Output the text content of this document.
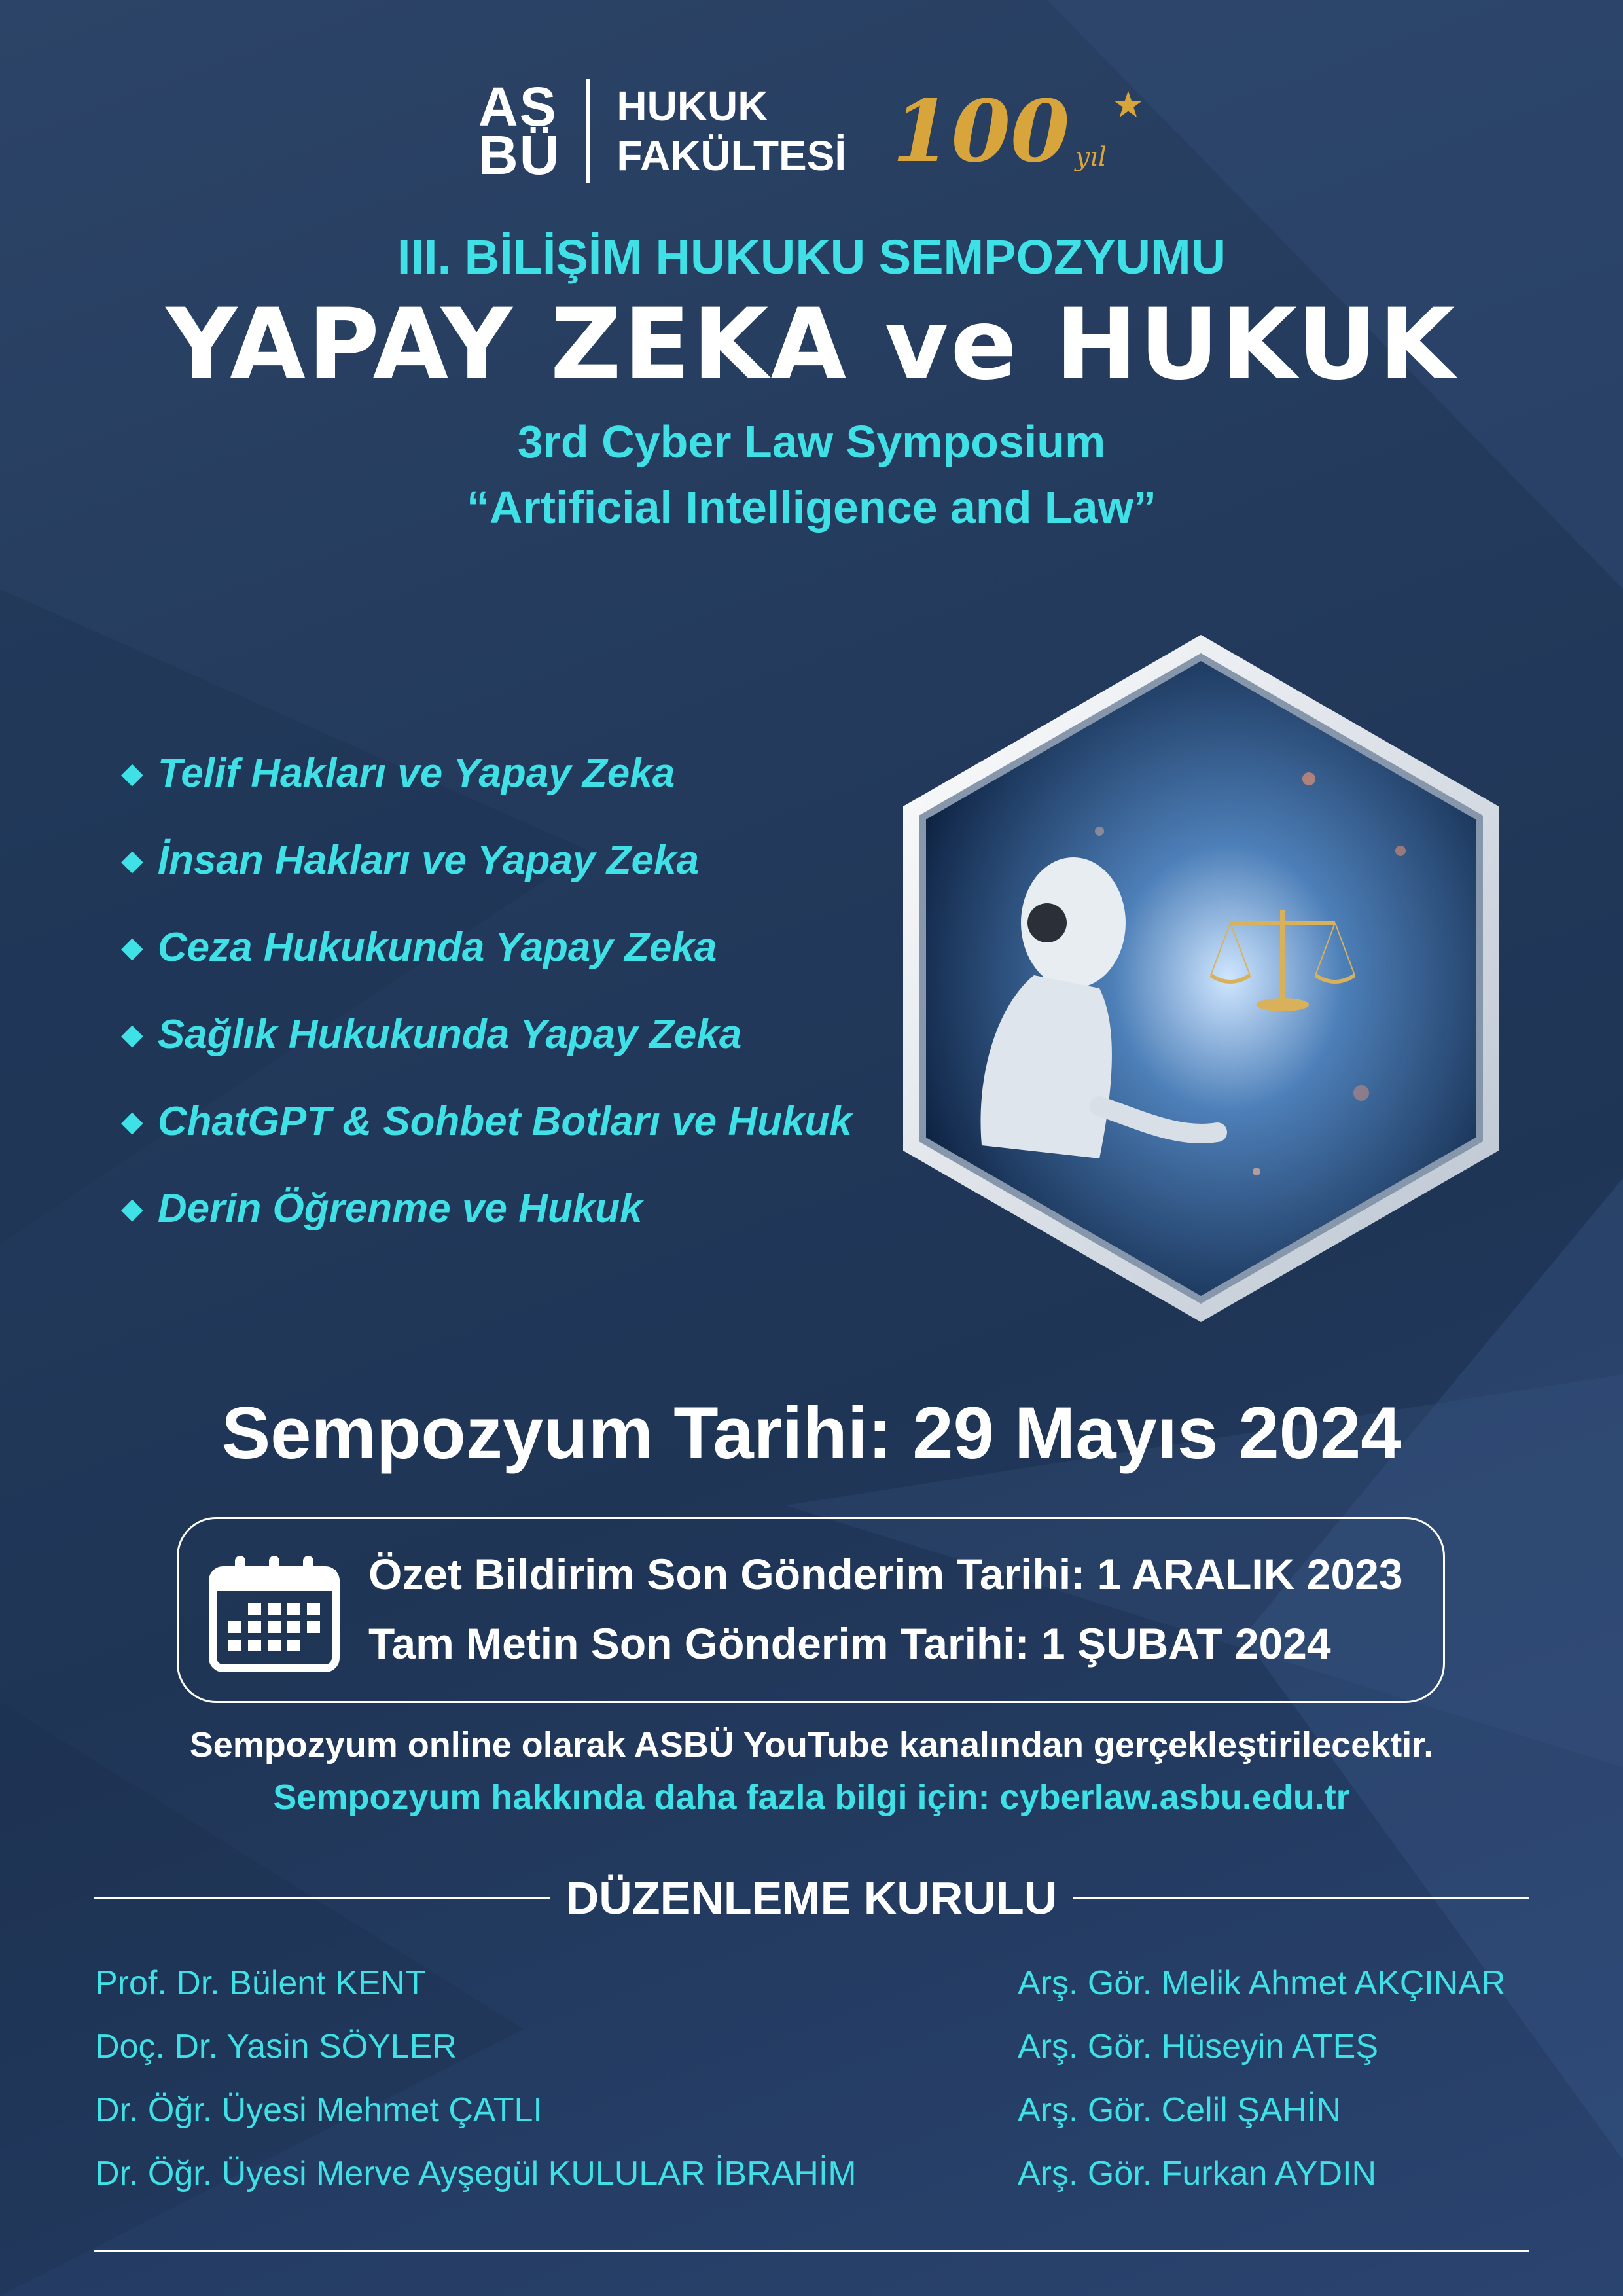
AS
BÜ
HUKUK
FAKÜLTESİ 100 yıl
★
III. BİLİŞİM HUKUKU SEMPOZYUMU
YAPAY ZEKA ve HUKUK
3rd Cyber Law Symposium
“Artificial Intelligence and Law”
◆ Telif Hakları ve Yapay Zeka
◆ İnsan Hakları ve Yapay Zeka
◆ Ceza Hukukunda Yapay Zeka
◆ Sağlık Hukukunda Yapay Zeka
◆ ChatGPT & Sohbet Botları ve Hukuk
◆ Derin Öğrenme ve Hukuk
Sempozyum Tarihi: 29 Mayıs 2024
Özet Bildirim Son Gönderim Tarihi: 1 ARALIK 2023
Tam Metin Son Gönderim Tarihi: 1 ŞUBAT 2024
Sempozyum online olarak ASBÜ YouTube kanalından gerçekleştirilecektir.
Sempozyum hakkında daha fazla bilgi için: cyberlaw.asbu.edu.tr
DÜZENLEME KURULU
Prof. Dr. Bülent KENT
Doç. Dr. Yasin SÖYLER
Dr. Öğr. Üyesi Mehmet ÇATLI
Dr. Öğr. Üyesi Merve Ayşegül KULULAR İBRAHİM
Arş. Gör. Melik Ahmet AKÇINAR
Arş. Gör. Hüseyin ATEŞ
Arş. Gör. Celil ŞAHİN
Arş. Gör. Furkan AYDIN
